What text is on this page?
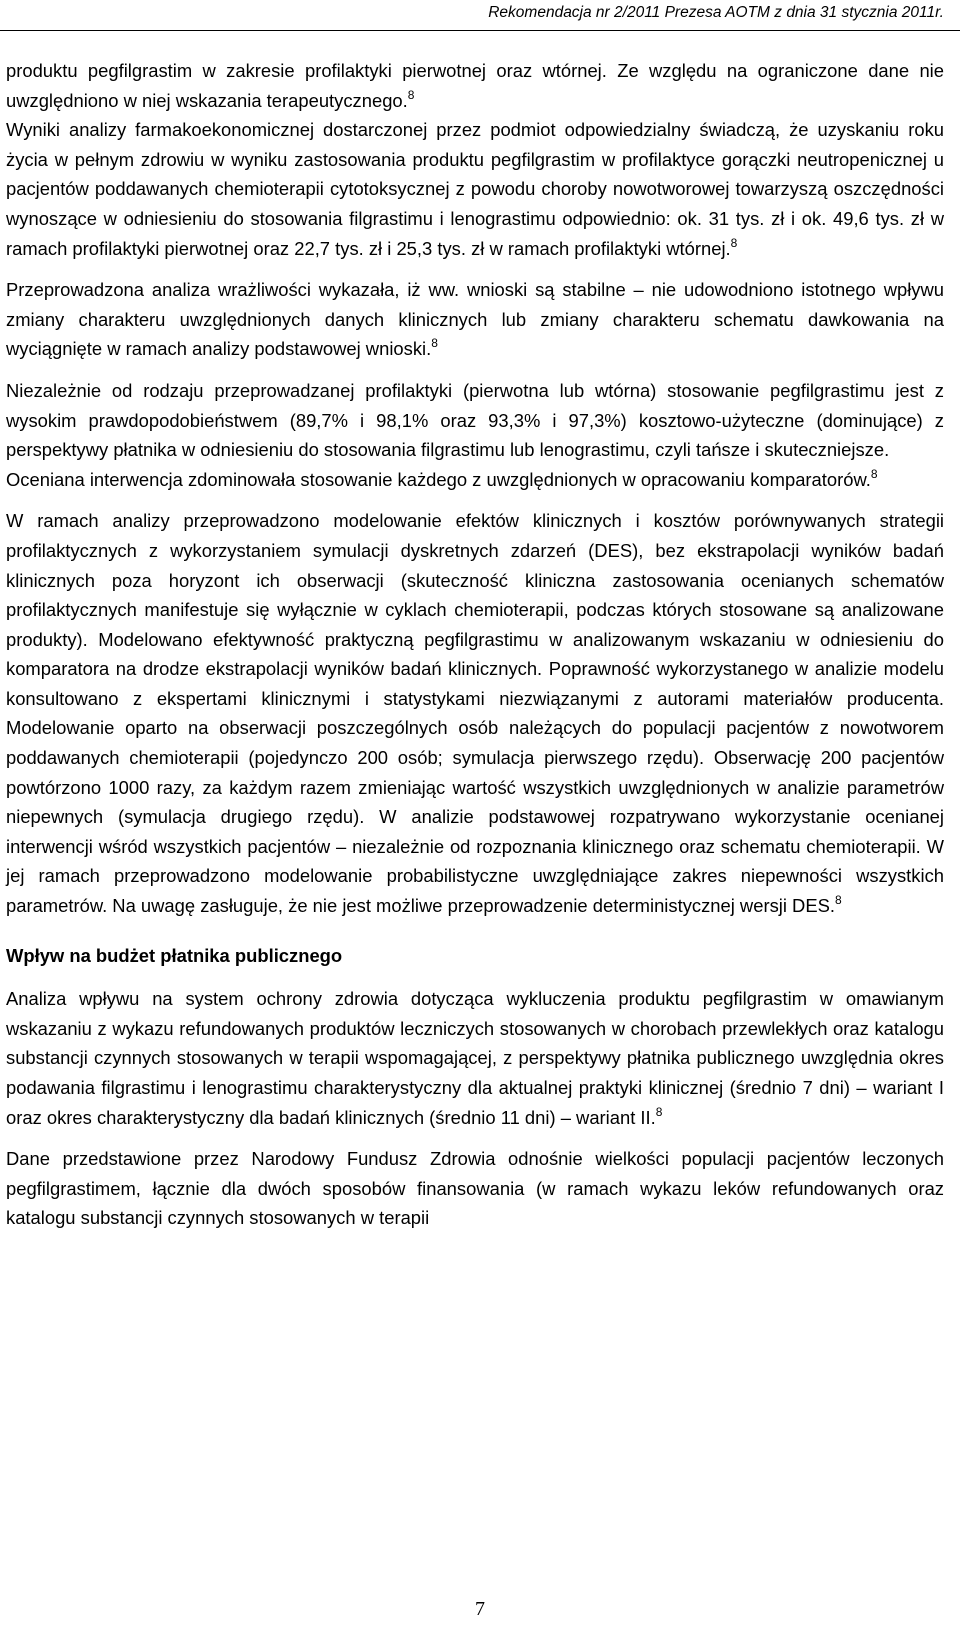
Rekomendacja nr 2/2011 Prezesa AOTM z dnia 31 stycznia 2011r.

produktu pegfilgrastim w zakresie profilaktyki pierwotnej oraz wtórnej. Ze względu na ograniczone dane nie uwzględniono w niej wskazania terapeutycznego.$^8$

Wyniki analizy farmakoekonomicznej dostarczonej przez podmiot odpowiedzialny świadczą, że uzyskaniu roku życia w pełnym zdrowiu w wyniku zastosowania produktu pegfilgrastim w profilaktyce gorączki neutropenicznej u pacjentów poddawanych chemioterapii cytotoksycznej z powodu choroby nowotworowej towarzyszą oszczędności wynoszące w odniesieniu do stosowania filgrastimu i lenograstimu odpowiednio: ok. 31 tys. zł i ok. 49,6 tys. zł w ramach profilaktyki pierwotnej oraz 22,7 tys. zł i 25,3 tys. zł w ramach profilaktyki wtórnej.$^8$

Przeprowadzona analiza wrażliwości wykazała, iż ww. wnioski są stabilne – nie udowodniono istotnego wpływu zmiany charakteru uwzględnionych danych klinicznych lub zmiany charakteru schematu dawkowania na wyciągnięte w ramach analizy podstawowej wnioski.$^8$

Niezależnie od rodzaju przeprowadzanej profilaktyki (pierwotna lub wtórna) stosowanie pegfilgrastimu jest z wysokim prawdopodobieństwem (89,7% i 98,1% oraz 93,3% i 97,3%) kosztowo-użyteczne (dominujące) z perspektywy płatnika w odniesieniu do stosowania filgrastimu lub lenograstimu, czyli tańsze i skuteczniejsze.

Oceniana interwencja zdominowała stosowanie każdego z uwzględnionych w opracowaniu komparatorów.$^8$

W ramach analizy przeprowadzono modelowanie efektów klinicznych i kosztów porównywanych strategii profilaktycznych z wykorzystaniem symulacji dyskretnych zdarzeń (DES), bez ekstrapolacji wyników badań klinicznych poza horyzont ich obserwacji (skuteczność kliniczna zastosowania ocenianych schematów profilaktycznych manifestuje się wyłącznie w cyklach chemioterapii, podczas których stosowane są analizowane produkty). Modelowano efektywność praktyczną pegfilgrastimu w analizowanym wskazaniu w odniesieniu do komparatora na drodze ekstrapolacji wyników badań klinicznych. Poprawność wykorzystanego w analizie modelu konsultowano z ekspertami klinicznymi i statystykami niezwiązanymi z autorami materiałów producenta. Modelowanie oparto na obserwacji poszczególnych osób należących do populacji pacjentów z nowotworem poddawanych chemioterapii (pojedynczo 200 osób; symulacja pierwszego rzędu). Obserwację 200 pacjentów powtórzono 1000 razy, za każdym razem zmieniając wartość wszystkich uwzględnionych w analizie parametrów niepewnych (symulacja drugiego rzędu). W analizie podstawowej rozpatrywano wykorzystanie ocenianej interwencji wśród wszystkich pacjentów – niezależnie od rozpoznania klinicznego oraz schematu chemioterapii. W jej ramach przeprowadzono modelowanie probabilistyczne uwzględniające zakres niepewności wszystkich parametrów. Na uwagę zasługuje, że nie jest możliwe przeprowadzenie deterministycznej wersji DES.$^8$

Wpływ na budżet płatnika publicznego

Analiza wpływu na system ochrony zdrowia dotycząca wykluczenia produktu pegfilgrastim w omawianym wskazaniu z wykazu refundowanych produktów leczniczych stosowanych w chorobach przewlekłych oraz katalogu substancji czynnych stosowanych w terapii wspomagającej, z perspektywy płatnika publicznego uwzględnia okres podawania filgrastimu i lenograstimu charakterystyczny dla aktualnej praktyki klinicznej (średnio 7 dni) – wariant I oraz okres charakterystyczny dla badań klinicznych (średnio 11 dni) – wariant II.$^8$

Dane przedstawione przez Narodowy Fundusz Zdrowia odnośnie wielkości populacji pacjentów leczonych pegfilgrastimem, łącznie dla dwóch sposobów finansowania (w ramach wykazu leków refundowanych oraz katalogu substancji czynnych stosowanych w terapii

7
